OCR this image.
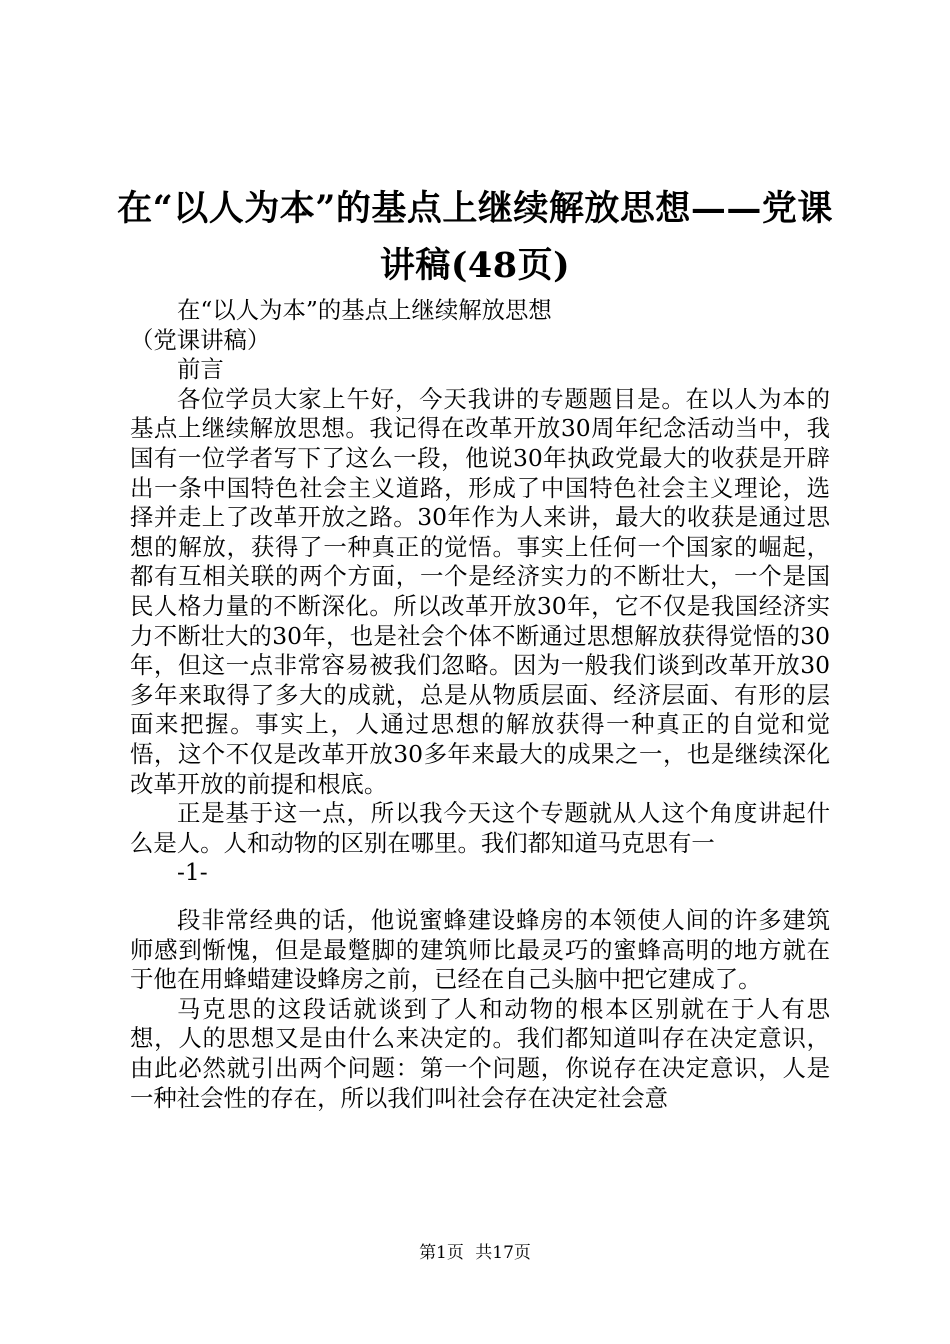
在“以人为本”的基点上继续解放思想——党课讲稿(48页)

在“以人为本”的基点上继续解放思想

（党课讲稿）

前言

各位学员大家上午好，今天我讲的专题题目是。在以人为本的基点上继续解放思想。我记得在改革开放30周年纪念活动当中，我国有一位学者写下了这么一段，他说30年执政党最大的收获是开辟出一条中国特色社会主义道路，形成了中国特色社会主义理论，选择并走上了改革开放之路。30年作为人来讲，最大的收获是通过思想的解放，获得了一种真正的觉悟。事实上任何一个国家的崛起，都有互相关联的两个方面，一个是经济实力的不断壮大，一个是国民人格力量的不断深化。所以改革开放30年，它不仅是我国经济实力不断壮大的30年，也是社会个体不断通过思想解放获得觉悟的30年，但这一点非常容易被我们忽略。因为一般我们谈到改革开放30多年来取得了多大的成就，总是从物质层面、经济层面、有形的层面来把握。事实上，人通过思想的解放获得一种真正的自觉和觉悟，这个不仅是改革开放30多年来最大的成果之一，也是继续深化改革开放的前提和根底。

正是基于这一点，所以我今天这个专题就从人这个角度讲起什么是人。人和动物的区别在哪里。我们都知道马克思有一

-1-

段非常经典的话，他说蜜蜂建设蜂房的本领使人间的许多建筑师感到惭愧，但是最蹩脚的建筑师比最灵巧的蜜蜂高明的地方就在于他在用蜂蜡建设蜂房之前，已经在自己头脑中把它建成了。

马克思的这段话就谈到了人和动物的根本区别就在于人有思想，人的思想又是由什么来决定的。我们都知道叫存在决定意识，由此必然就引出两个问题：第一个问题，你说存在决定意识，人是一种社会性的存在，所以我们叫社会存在决定社会意

第1页 共17页
